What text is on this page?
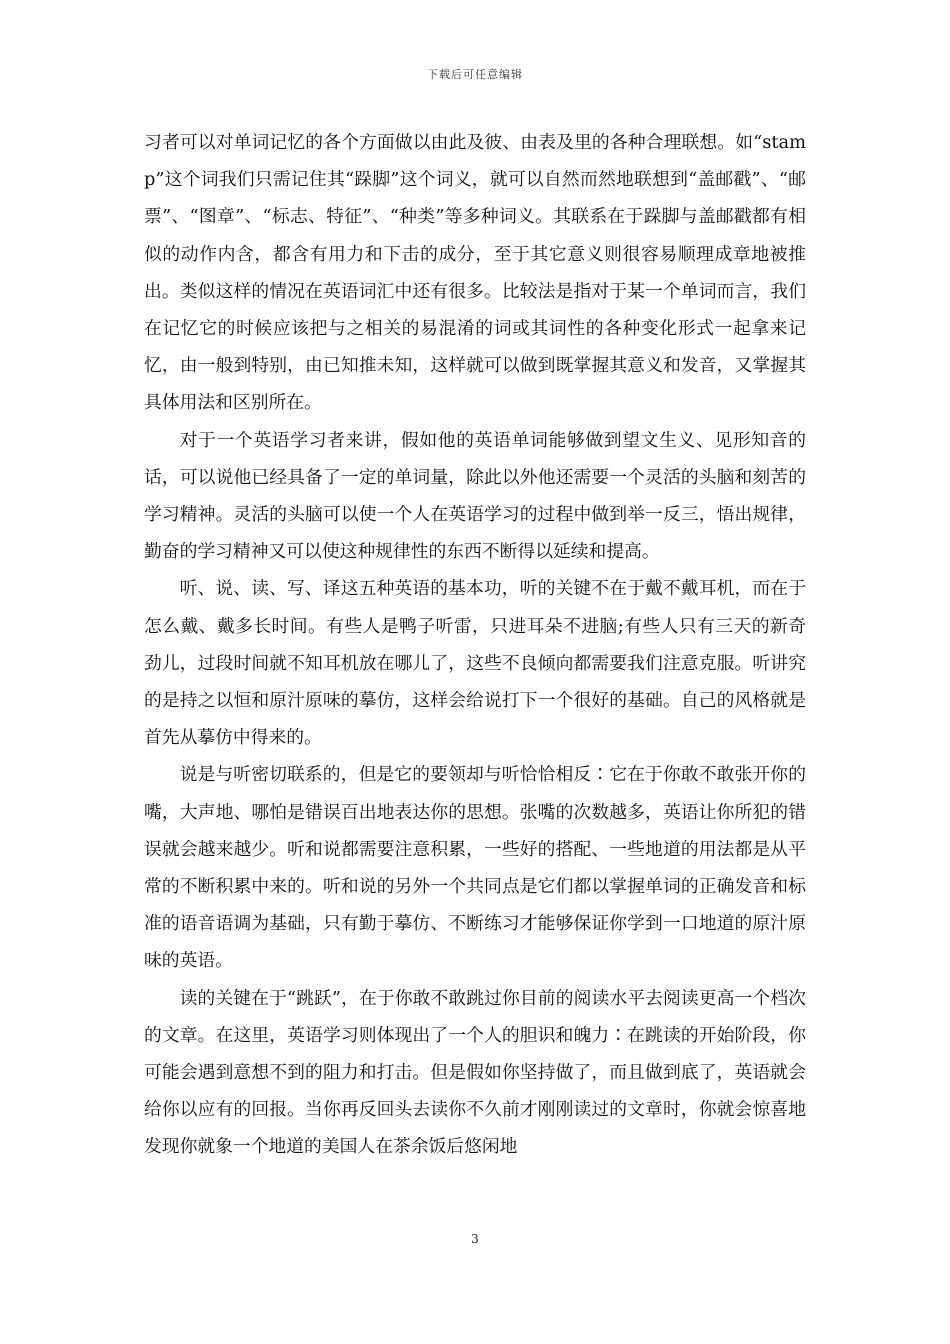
下载后可任意编辑

习者可以对单词记忆的各个方面做以由此及彼、由表及里的各种合理联想。如“stamp”这个词我们只需记住其“跺脚”这个词义，就可以自然而然地联想到“盖邮戳”、“邮票”、“图章”、“标志、特征”、“种类”等多种词义。其联系在于跺脚与盖邮戳都有相似的动作内含，都含有用力和下击的成分，至于其它意义则很容易顺理成章地被推出。类似这样的情况在英语词汇中还有很多。比较法是指对于某一个单词而言，我们在记忆它的时候应该把与之相关的易混淆的词或其词性的各种变化形式一起拿来记忆，由一般到特别，由已知推未知，这样就可以做到既掌握其意义和发音，又掌握其具体用法和区别所在。

对于一个英语学习者来讲，假如他的英语单词能够做到望文生义、见形知音的话，可以说他已经具备了一定的单词量，除此以外他还需要一个灵活的头脑和刻苦的学习精神。灵活的头脑可以使一个人在英语学习的过程中做到举一反三，悟出规律，勤奋的学习精神又可以使这种规律性的东西不断得以延续和提高。

听、说、读、写、译这五种英语的基本功，听的关键不在于戴不戴耳机，而在于怎么戴、戴多长时间。有些人是鸭子听雷，只进耳朵不进脑;有些人只有三天的新奇劲儿，过段时间就不知耳机放在哪儿了，这些不良倾向都需要我们注意克服。听讲究的是持之以恒和原汁原味的摹仿，这样会给说打下一个很好的基础。自己的风格就是首先从摹仿中得来的。

说是与听密切联系的，但是它的要领却与听恰恰相反∶它在于你敢不敢张开你的嘴，大声地、哪怕是错误百出地表达你的思想。张嘴的次数越多，英语让你所犯的错误就会越来越少。听和说都需要注意积累，一些好的搭配、一些地道的用法都是从平常的不断积累中来的。听和说的另外一个共同点是它们都以掌握单词的正确发音和标准的语音语调为基础，只有勤于摹仿、不断练习才能够保证你学到一口地道的原汁原味的英语。

读的关键在于“跳跃”，在于你敢不敢跳过你目前的阅读水平去阅读更高一个档次的文章。在这里，英语学习则体现出了一个人的胆识和魄力∶在跳读的开始阶段，你可能会遇到意想不到的阻力和打击。但是假如你坚持做了，而且做到底了，英语就会给你以应有的回报。当你再反回头去读你不久前才刚刚读过的文章时，你就会惊喜地发现你就象一个地道的美国人在茶余饭后悠闲地

3
